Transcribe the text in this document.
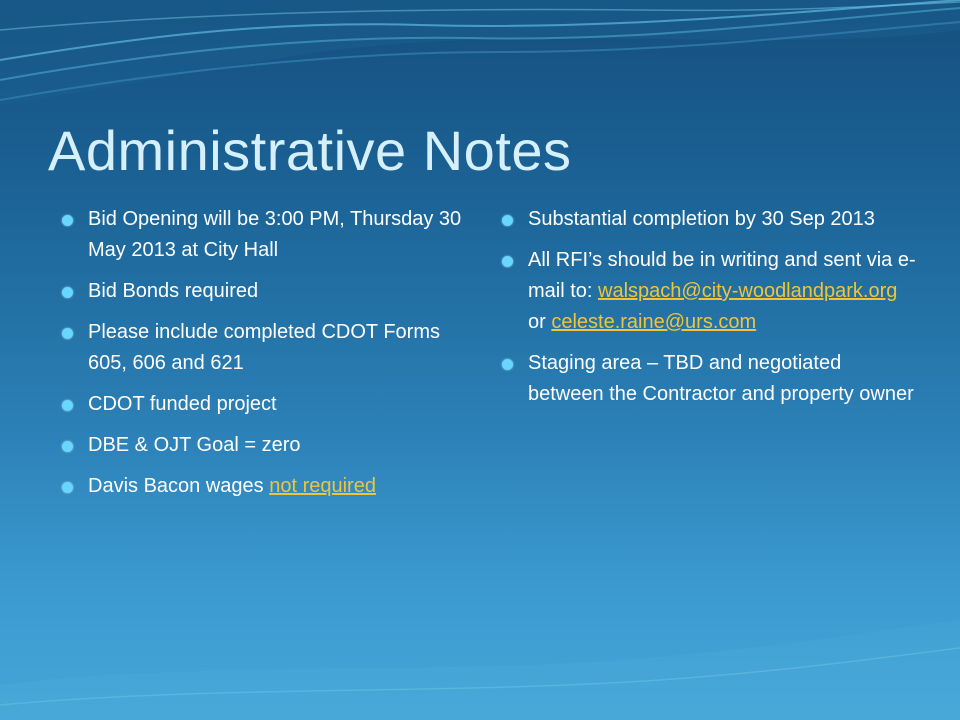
Administrative Notes
Bid Opening will be 3:00 PM, Thursday 30 May 2013 at City Hall
Bid Bonds required
Please include completed CDOT Forms 605, 606 and 621
CDOT funded project
DBE & OJT Goal = zero
Davis Bacon wages not required
Substantial completion by 30 Sep 2013
All RFI’s should be in writing and sent via e-mail to: walspach@city-woodlandpark.org or celeste.raine@urs.com
Staging area – TBD and negotiated between the Contractor and property owner
